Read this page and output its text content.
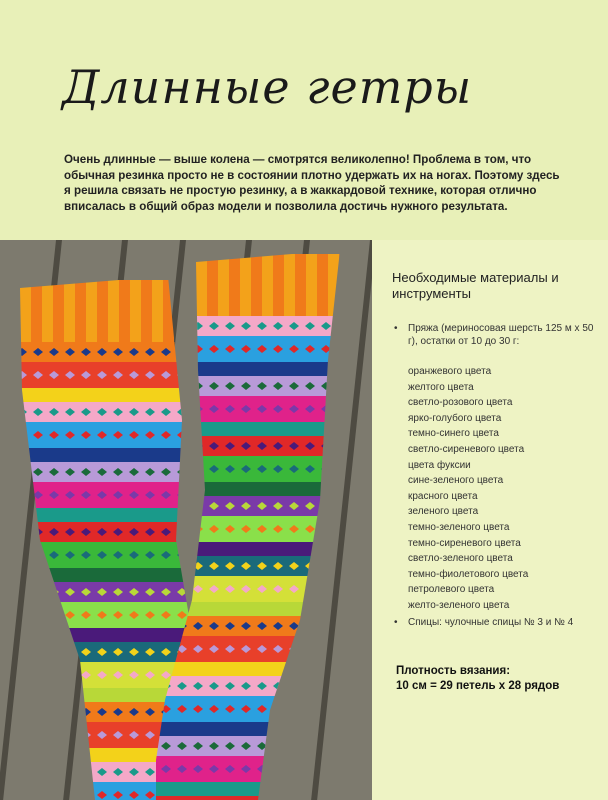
Длинные гетры
Очень длинные — выше колена — смотрятся великолепно! Проблема в том, что обычная резинка просто не в состоянии плотно удержать их на ногах. Поэтому здесь я решила связать не простую резинку, а в жаккардовой технике, которая отлично вписалась в общий образ модели и позволила достичь нужного результата.
Необходимые материалы и инструменты
•	Пряжа (мериносовая шерсть 125 м х 50 г), остатки от 10 до 30 г:
оранжевого цвета
желтого цвета
светло-розового цвета
ярко-голубого цвета
темно-синего цвета
светло-сиреневого цвета
цвета фуксии
сине-зеленого цвета
красного цвета
зеленого цвета
темно-зеленого цвета
темно-сиреневого цвета
светло-зеленого цвета
темно-фиолетового цвета
петролевого цвета
желто-зеленого цвета
•	Спицы: чулочные спицы № 3 и № 4
Плотность вязания:
10 см = 29 петель х 28 рядов
